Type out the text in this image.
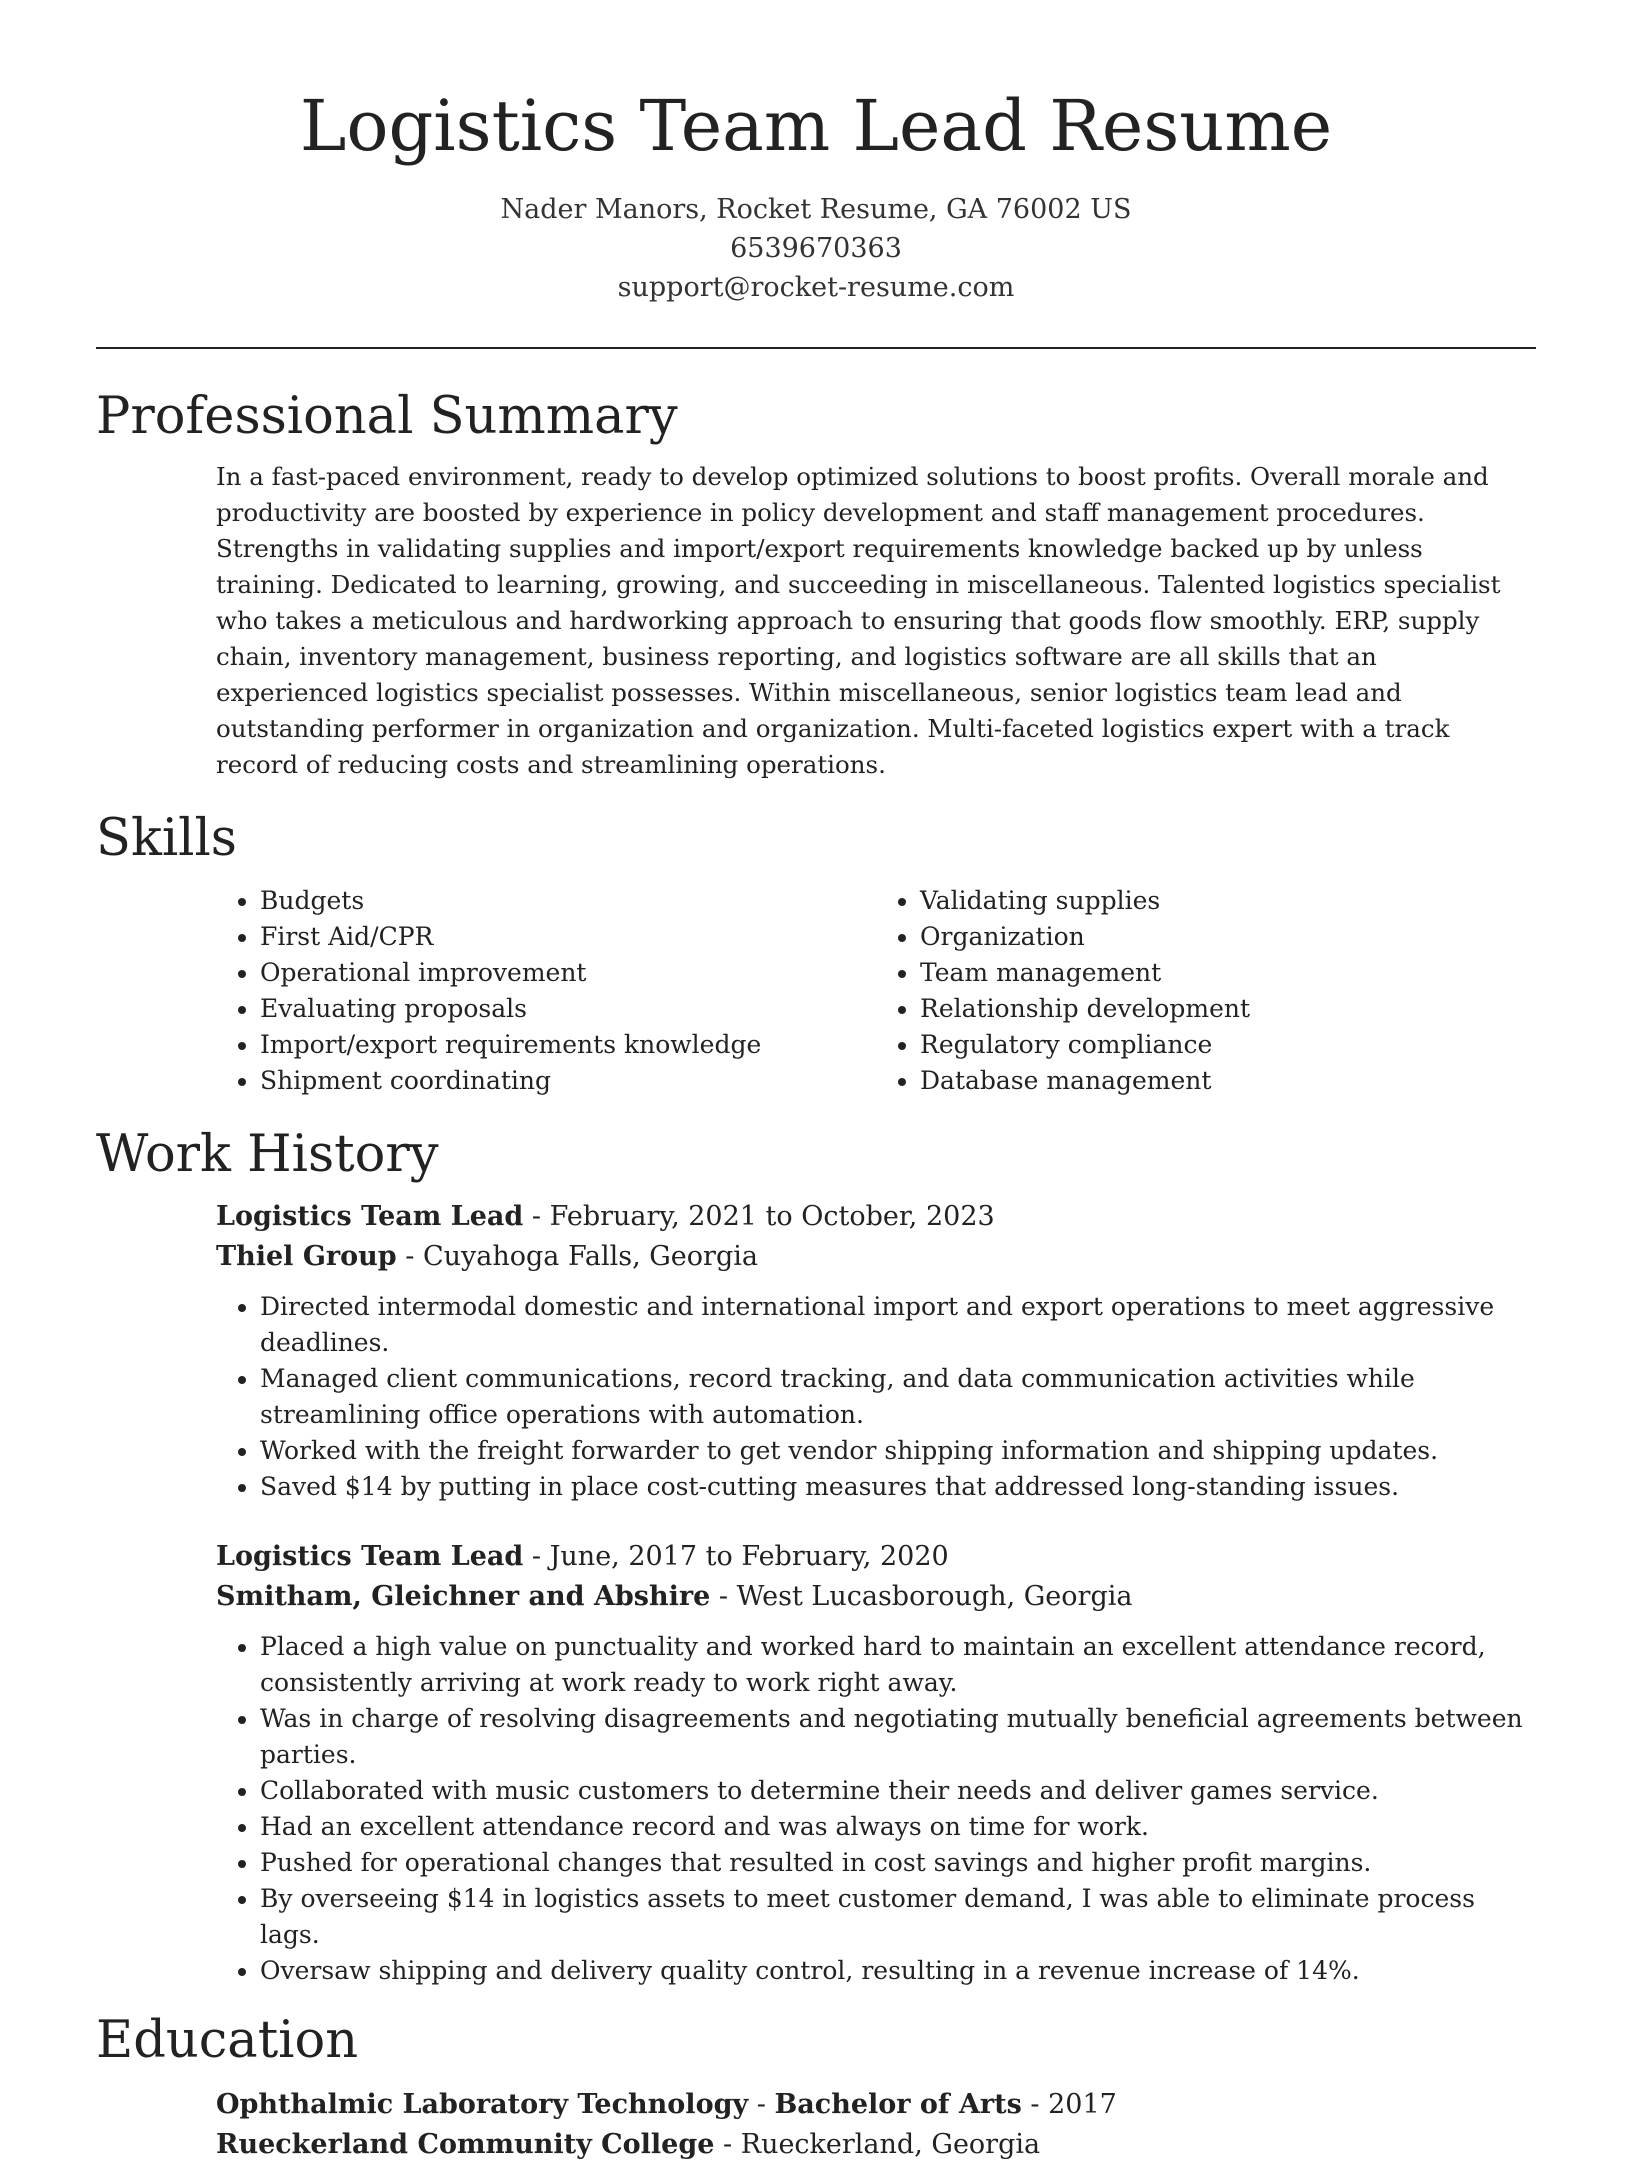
Logistics Team Lead Resume
Nader Manors, Rocket Resume, GA 76002 US
6539670363
support@rocket-resume.com
Professional Summary

In a fast-paced environment, ready to develop optimized solutions to boost profits. Overall morale and productivity are boosted by experience in policy development and staff management procedures. Strengths in validating supplies and import/export requirements knowledge backed up by unless training. Dedicated to learning, growing, and succeeding in miscellaneous. Talented logistics specialist who takes a meticulous and hardworking approach to ensuring that goods flow smoothly. ERP, supply chain, inventory management, business reporting, and logistics software are all skills that an experienced logistics specialist possesses. Within miscellaneous, senior logistics team lead and outstanding performer in organization and organization. Multi-faceted logistics expert with a track record of reducing costs and streamlining operations.

Skills
• Budgets
• First Aid/CPR
• Operational improvement
• Evaluating proposals
• Import/export requirements knowledge
• Shipment coordinating
• Validating supplies
• Organization
• Team management
• Relationship development
• Regulatory compliance
• Database management
Work History
Logistics Team Lead - February, 2021 to October, 2023
Thiel Group - Cuyahoga Falls, Georgia
• Directed intermodal domestic and international import and export operations to meet aggressive deadlines.
• Managed client communications, record tracking, and data communication activities while streamlining office operations with automation.
• Worked with the freight forwarder to get vendor shipping information and shipping updates.
• Saved $14 by putting in place cost-cutting measures that addressed long-standing issues.
Logistics Team Lead - June, 2017 to February, 2020
Smitham, Gleichner and Abshire - West Lucasborough, Georgia
• Placed a high value on punctuality and worked hard to maintain an excellent attendance record, consistently arriving at work ready to work right away.
• Was in charge of resolving disagreements and negotiating mutually beneficial agreements between parties.
• Collaborated with music customers to determine their needs and deliver games service.
• Had an excellent attendance record and was always on time for work.
• Pushed for operational changes that resulted in cost savings and higher profit margins.
• By overseeing $14 in logistics assets to meet customer demand, I was able to eliminate process lags.
• Oversaw shipping and delivery quality control, resulting in a revenue increase of 14%.
Education
Ophthalmic Laboratory Technology - Bachelor of Arts - 2017
Rueckerland Community College - Rueckerland, Georgia
